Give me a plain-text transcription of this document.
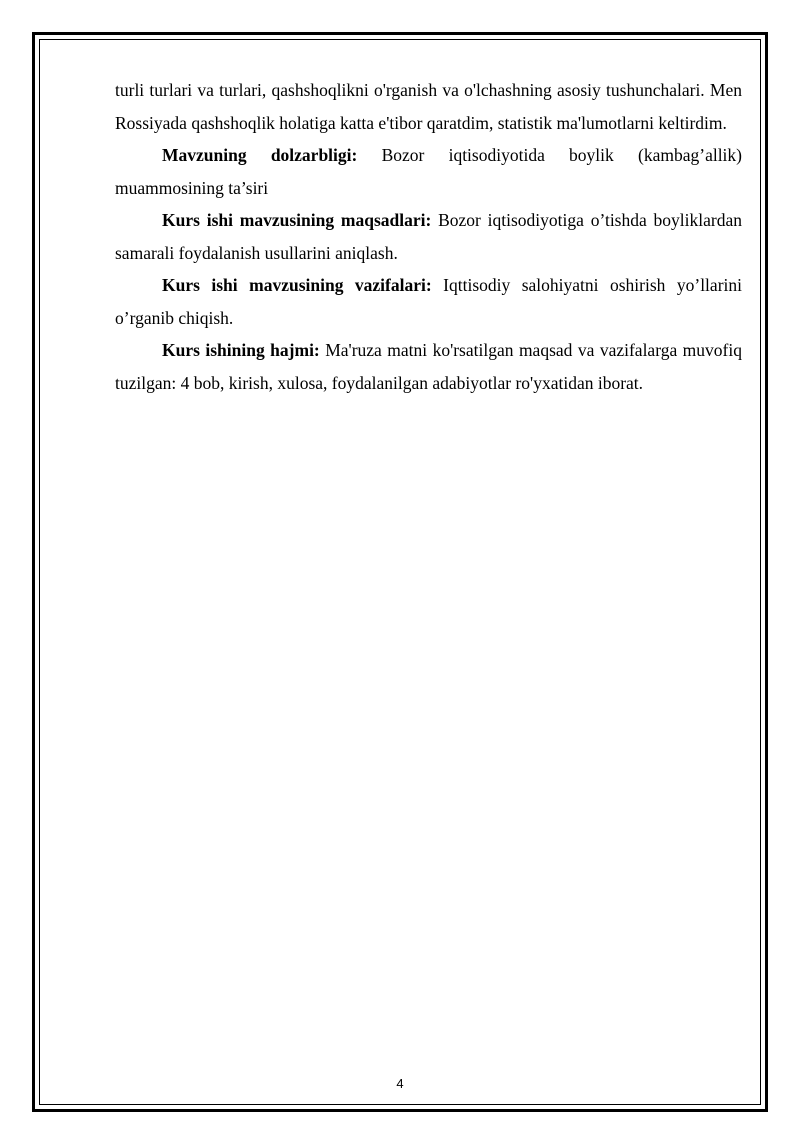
turli turlari va turlari, qashshoqlikni o'rganish va o'lchashning asosiy tushunchalari. Men Rossiyada qashshoqlik holatiga katta e'tibor qaratdim, statistik ma'lumotlarni keltirdim.

Mavzuning dolzarbligi: Bozor iqtisodiyotida boylik (kambag’allik) muammosining ta’siri

Kurs ishi mavzusining maqsadlari: Bozor iqtisodiyotiga o’tishda boyliklardan samarali foydalanish usullarini aniqlash.

Kurs ishi mavzusining vazifalari: Iqttisodiy salohiyatni oshirish yo’llarini o’rganib chiqish.

Kurs ishining hajmi: Ma'ruza matni ko'rsatilgan maqsad va vazifalarga muvofiq tuzilgan: 4 bob, kirish, xulosa, foydalanilgan adabiyotlar ro'yxatidan iborat.

4
